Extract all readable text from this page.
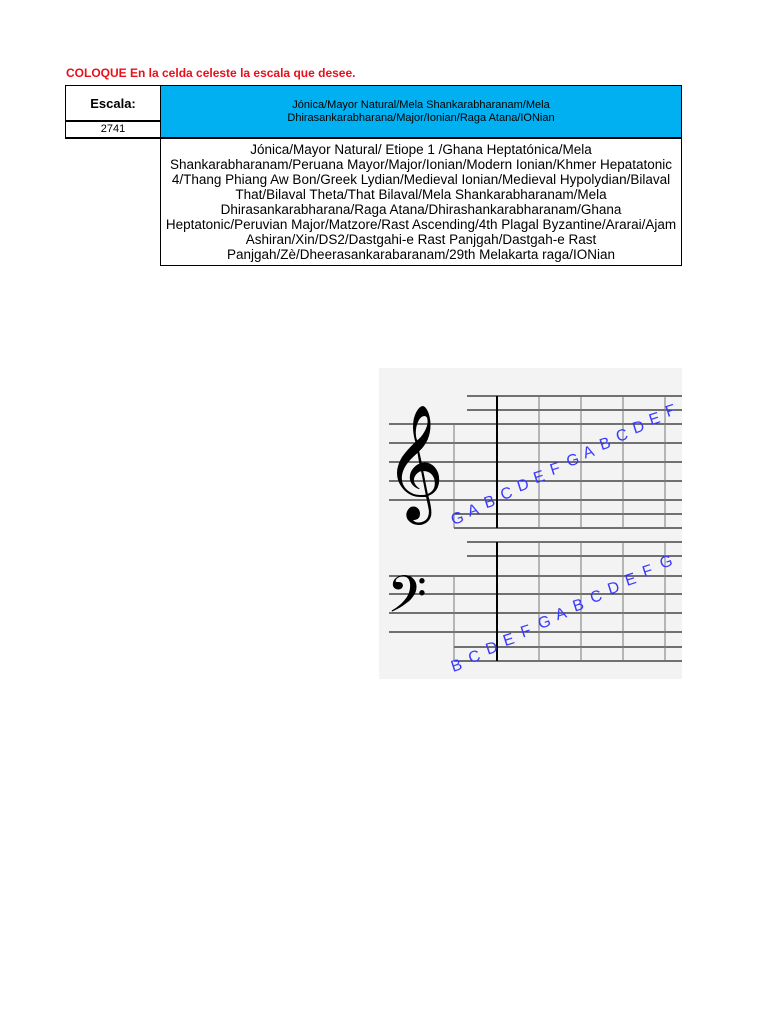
COLOQUE En la celda celeste la escala que desee.
Escala:	Jónica/Mayor Natural/Mela Shankarabharanam/Mela Dhirasankarabharana/Major/Ionian/Raga Atana/IONian
2741
Jónica/Mayor Natural/ Etiope 1 /Ghana Heptatónica/Mela Shankarabharanam/Peruana Mayor/Major/Ionian/Modern Ionian/Khmer Hepatatonic 4/Thang Phiang Aw Bon/Greek Lydian/Medieval Ionian/Medieval Hypolydian/Bilaval That/Bilaval Theta/That Bilaval/Mela Shankarabharanam/Mela Dhirasankarabharana/Raga Atana/Dhirashankarabharanam/Ghana Heptatonic/Peruvian Major/Matzore/Rast Ascending/4th Plagal Byzantine/Ararai/Ajam Ashiran/Xin/DS2/Dastgahi-e Rast Panjgah/Dastgah-e Rast Panjgah/Zè/Dheerasankarabaranam/29th Melakarta raga/IONian
𝄞
𝄢
G A B C D E F G A B C D E F
B C D E F G A B C D E F G
